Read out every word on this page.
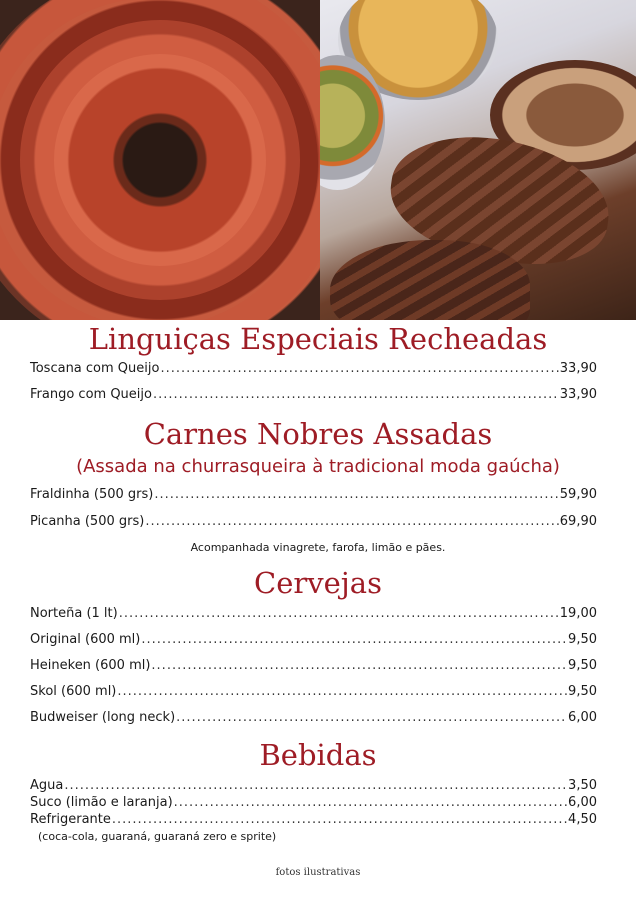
Linguiças Especiais Recheadas
Toscana com Queijo .....	33,90
Frango com Queijo .....	33,90
Carnes Nobres Assadas
(Assada na churrasqueira à tradicional moda gaúcha)
Fraldinha (500 grs) .....	59,90
Picanha (500 grs) .....	69,90
Acompanhada vinagrete, farofa, limão e pães.
Cervejas
Norteña (1 lt) .....	19,00
Original (600 ml) .....	9,50
Heineken (600 ml) .....	9,50
Skol (600 ml) .....	9,50
Budweiser (long neck) .....	6,00
Bebidas
Agua .....	3,50
Suco (limão e laranja) .....	6,00
Refrigerante .....	4,50
(coca-cola, guaraná, guaraná zero e sprite)
fotos ilustrativas
